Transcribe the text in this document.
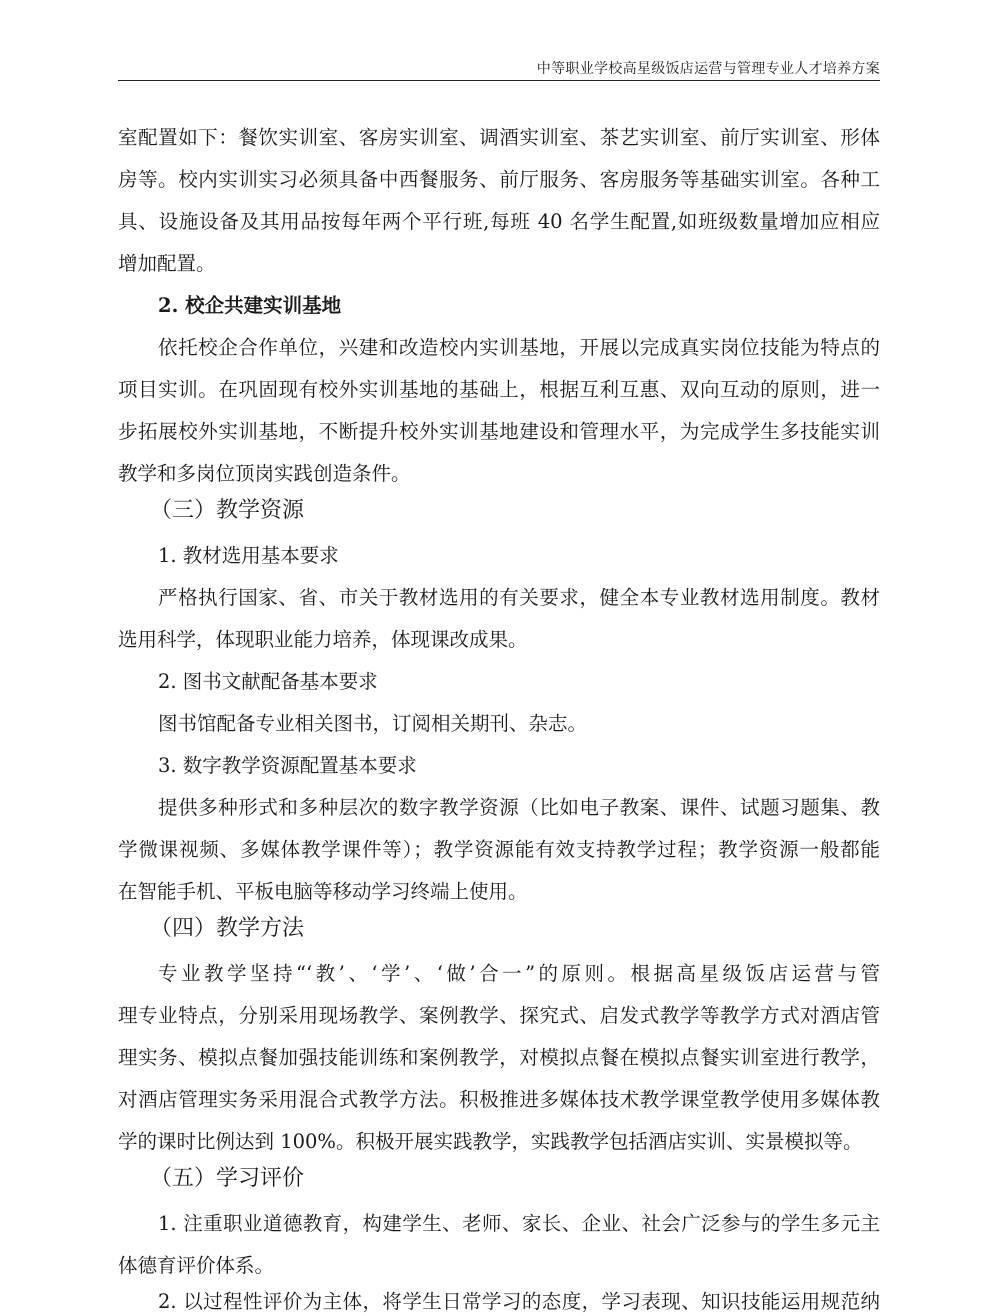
中等职业学校高星级饭店运营与管理专业人才培养方案
室配置如下：餐饮实训室、客房实训室、调酒实训室、茶艺实训室、前厅实训室、形体
房等。校内实训实习必须具备中西餐服务、前厅服务、客房服务等基础实训室。各种工
具、设施设备及其用品按每年两个平行班,每班 40 名学生配置,如班级数量增加应相应
增加配置。
2. 校企共建实训基地
依托校企合作单位，兴建和改造校内实训基地，开展以完成真实岗位技能为特点的
项目实训。在巩固现有校外实训基地的基础上，根据互利互惠、双向互动的原则，进一
步拓展校外实训基地，不断提升校外实训基地建设和管理水平，为完成学生多技能实训
教学和多岗位顶岗实践创造条件。
（三）教学资源
1. 教材选用基本要求
严格执行国家、省、市关于教材选用的有关要求，健全本专业教材选用制度。教材
选用科学，体现职业能力培养，体现课改成果。
2. 图书文献配备基本要求
图书馆配备专业相关图书，订阅相关期刊、杂志。
3. 数字教学资源配置基本要求
提供多种形式和多种层次的数字教学资源（比如电子教案、课件、试题习题集、教
学微课视频、多媒体教学课件等）；教学资源能有效支持教学过程；教学资源一般都能
在智能手机、平板电脑等移动学习终端上使用。
（四）教学方法
专业教学坚持“‘教’、‘学’、‘做’合一”的原则。根据高星级饭店运营与管
理专业特点，分别采用现场教学、案例教学、探究式、启发式教学等教学方式对酒店管
理实务、模拟点餐加强技能训练和案例教学，对模拟点餐在模拟点餐实训室进行教学，
对酒店管理实务采用混合式教学方法。积极推进多媒体技术教学课堂教学使用多媒体教
学的课时比例达到 100%。积极开展实践教学，实践教学包括酒店实训、实景模拟等。
（五）学习评价
1. 注重职业道德教育，构建学生、老师、家长、企业、社会广泛参与的学生多元主
体德育评价体系。
2. 以过程性评价为主体，将学生日常学习的态度，学习表现、知识技能运用规范纳
